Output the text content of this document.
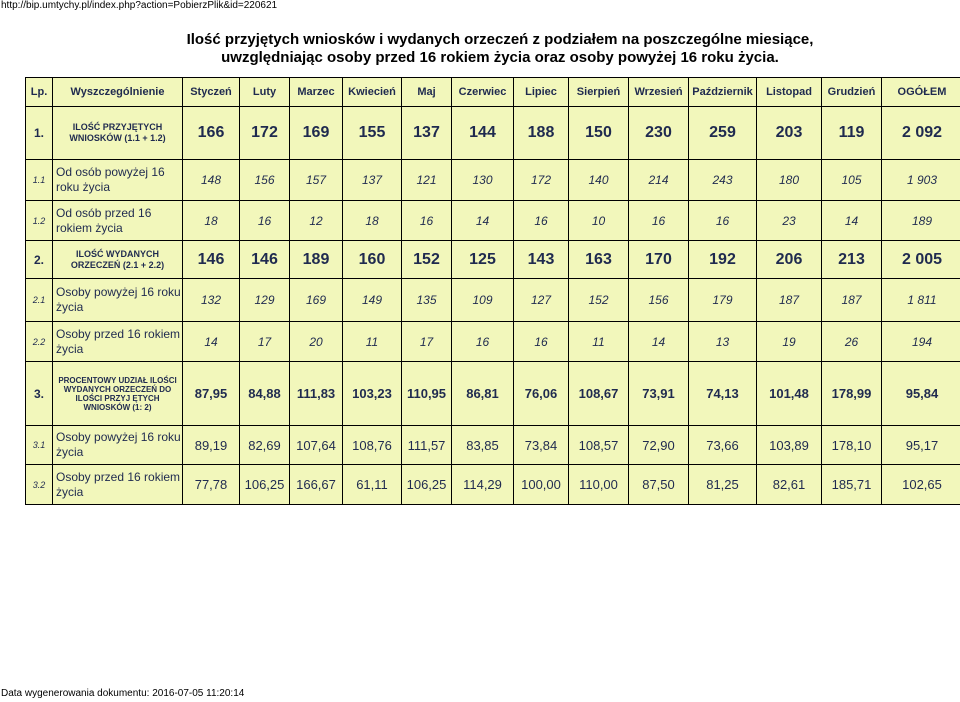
http://bip.umtychy.pl/index.php?action=PobierzPlik&id=220621
Ilość przyjętych wniosków i wydanych orzeczeń z podziałem na poszczególne miesiące,
uwzględniając osoby przed 16 rokiem życia oraz osoby powyżej 16 roku życia.
Lp.	Wyszczególnienie	Styczeń	Luty	Marzec	Kwiecień	Maj	Czerwiec	Lipiec	Sierpień	Wrzesień	Październik	Listopad	Grudzień	OGÓŁEM
1.	ILOŚĆ PRZYJĘTYCH WNIOSKÓW (1.1 + 1.2)	166	172	169	155	137	144	188	150	230	259	203	119	2 092
1.1	Od osób powyżej 16 roku życia	148	156	157	137	121	130	172	140	214	243	180	105	1 903
1.2	Od osób przed 16 rokiem życia	18	16	12	18	16	14	16	10	16	16	23	14	189
2.	ILOŚĆ WYDANYCH ORZECZEŃ (2.1 + 2.2)	146	146	189	160	152	125	143	163	170	192	206	213	2 005
2.1	Osoby powyżej 16 roku życia	132	129	169	149	135	109	127	152	156	179	187	187	1 811
2.2	Osoby przed 16 rokiem życia	14	17	20	11	17	16	16	11	14	13	19	26	194
3.	PROCENTOWY UDZIAŁ ILOŚCI WYDANYCH ORZECZEŃ DO ILOŚCI PRZYJ ĘTYCH WNIOSKÓW (1: 2)	87,95	84,88	111,83	103,23	110,95	86,81	76,06	108,67	73,91	74,13	101,48	178,99	95,84
3.1	Osoby powyżej 16 roku życia	89,19	82,69	107,64	108,76	111,57	83,85	73,84	108,57	72,90	73,66	103,89	178,10	95,17
3.2	Osoby przed 16 rokiem życia	77,78	106,25	166,67	61,11	106,25	114,29	100,00	110,00	87,50	81,25	82,61	185,71	102,65
Data wygenerowania dokumentu: 2016-07-05 11:20:14
